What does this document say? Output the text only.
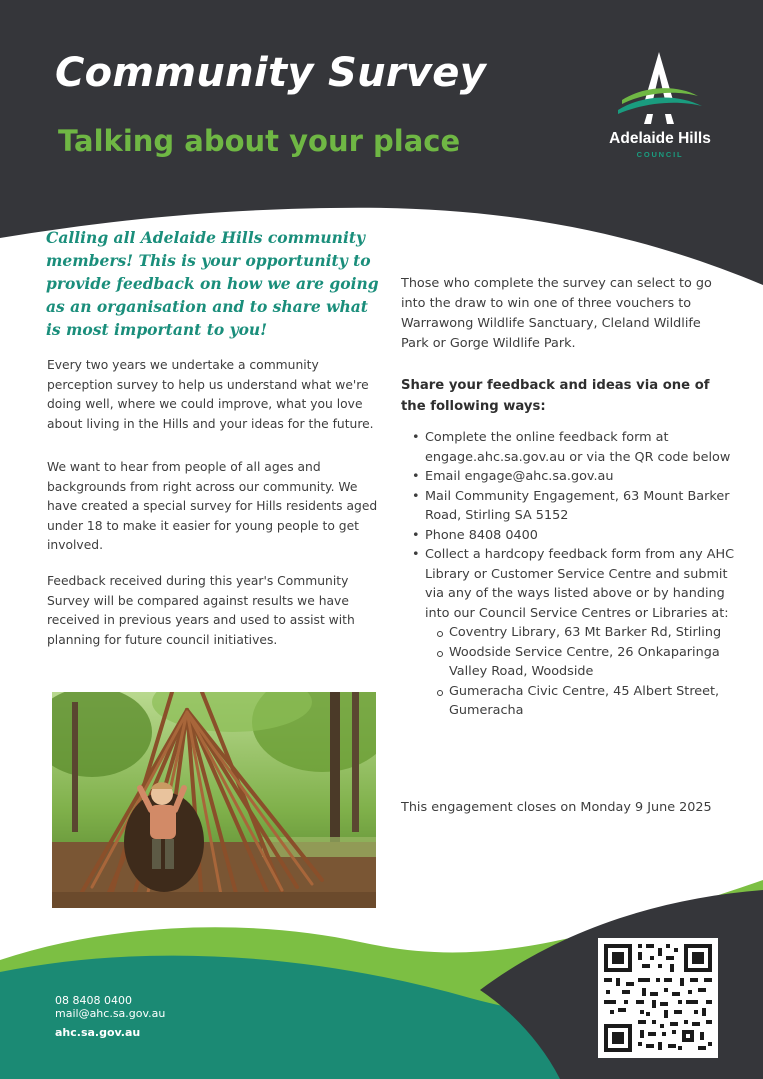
Community Survey
Talking about your place	Adelaide Hills
COUNCIL

Calling all Adelaide Hills community members! This is your opportunity to provide feedback on how we are going as an organisation and to share what is most important to you!

Every two years we undertake a community perception survey to help us understand what we're doing well, where we could improve, what you love about living in the Hills and your ideas for the future.

We want to hear from people of all ages and backgrounds from right across our community. We have created a special survey for Hills residents aged under 18 to make it easier for young people to get involved.

Feedback received during this year's Community Survey will be compared against results we have received in previous years and used to assist with planning for future council initiatives.

Those who complete the survey can select to go into the draw to win one of three vouchers to Warrawong Wildlife Sanctuary, Cleland Wildlife Park or Gorge Wildlife Park.

Share your feedback and ideas via one of the following ways:

• Complete the online feedback form at engage.ahc.sa.gov.au or via the QR code below
• Email engage@ahc.sa.gov.au
• Mail Community Engagement, 63 Mount Barker Road, Stirling SA 5152
• Phone 8408 0400
• Collect a hardcopy feedback form from any AHC Library or Customer Service Centre and submit via any of the ways listed above or by handing into our Council Service Centres or Libraries at:
Coventry Library, 63 Mt Barker Rd, Stirling
Woodside Service Centre, 26 Onkaparinga Valley Road, Woodside
Gumeracha Civic Centre, 45 Albert Street, Gumeracha

This engagement closes on Monday 9 June 2025

08 8408 0400
mail@ahc.sa.gov.au
ahc.sa.gov.au
